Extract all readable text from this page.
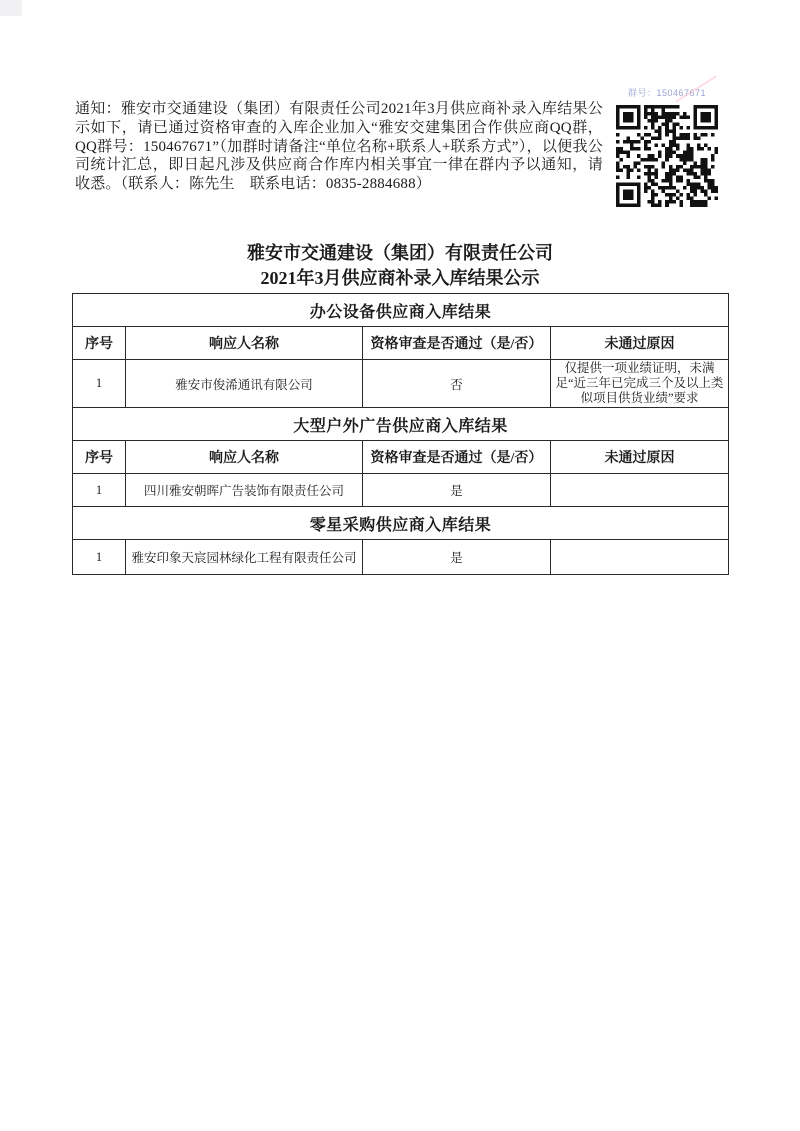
通知：雅安市交通建设（集团）有限责任公司2021年3月供应商补录入库结果公示如下，请已通过资格审查的入库企业加入“雅安交建集团合作供应商QQ群，QQ群号：150467671”（加群时请备注“单位名称+联系人+联系方式”），以便我公司统计汇总，即日起凡涉及供应商合作库内相关事宜一律在群内予以通知，请收悉。（联系人：陈先生　联系电话：0835-2884688）
群号：150467671
雅安市交通建设（集团）有限责任公司
2021年3月供应商补录入库结果公示
办公设备供应商入库结果			
序号	响应人名称	资格审查是否通过（是/否）	未通过原因
1	雅安市俊浠通讯有限公司	否	仅提供一项业绩证明，未满足“近三年已完成三个及以上类似项目供货业绩”要求
大型户外广告供应商入库结果			
序号	响应人名称	资格审查是否通过（是/否）	未通过原因
1	四川雅安朝晖广告装饰有限责任公司	是	
零星采购供应商入库结果			
1	雅安印象天宸园林绿化工程有限责任公司	是	
